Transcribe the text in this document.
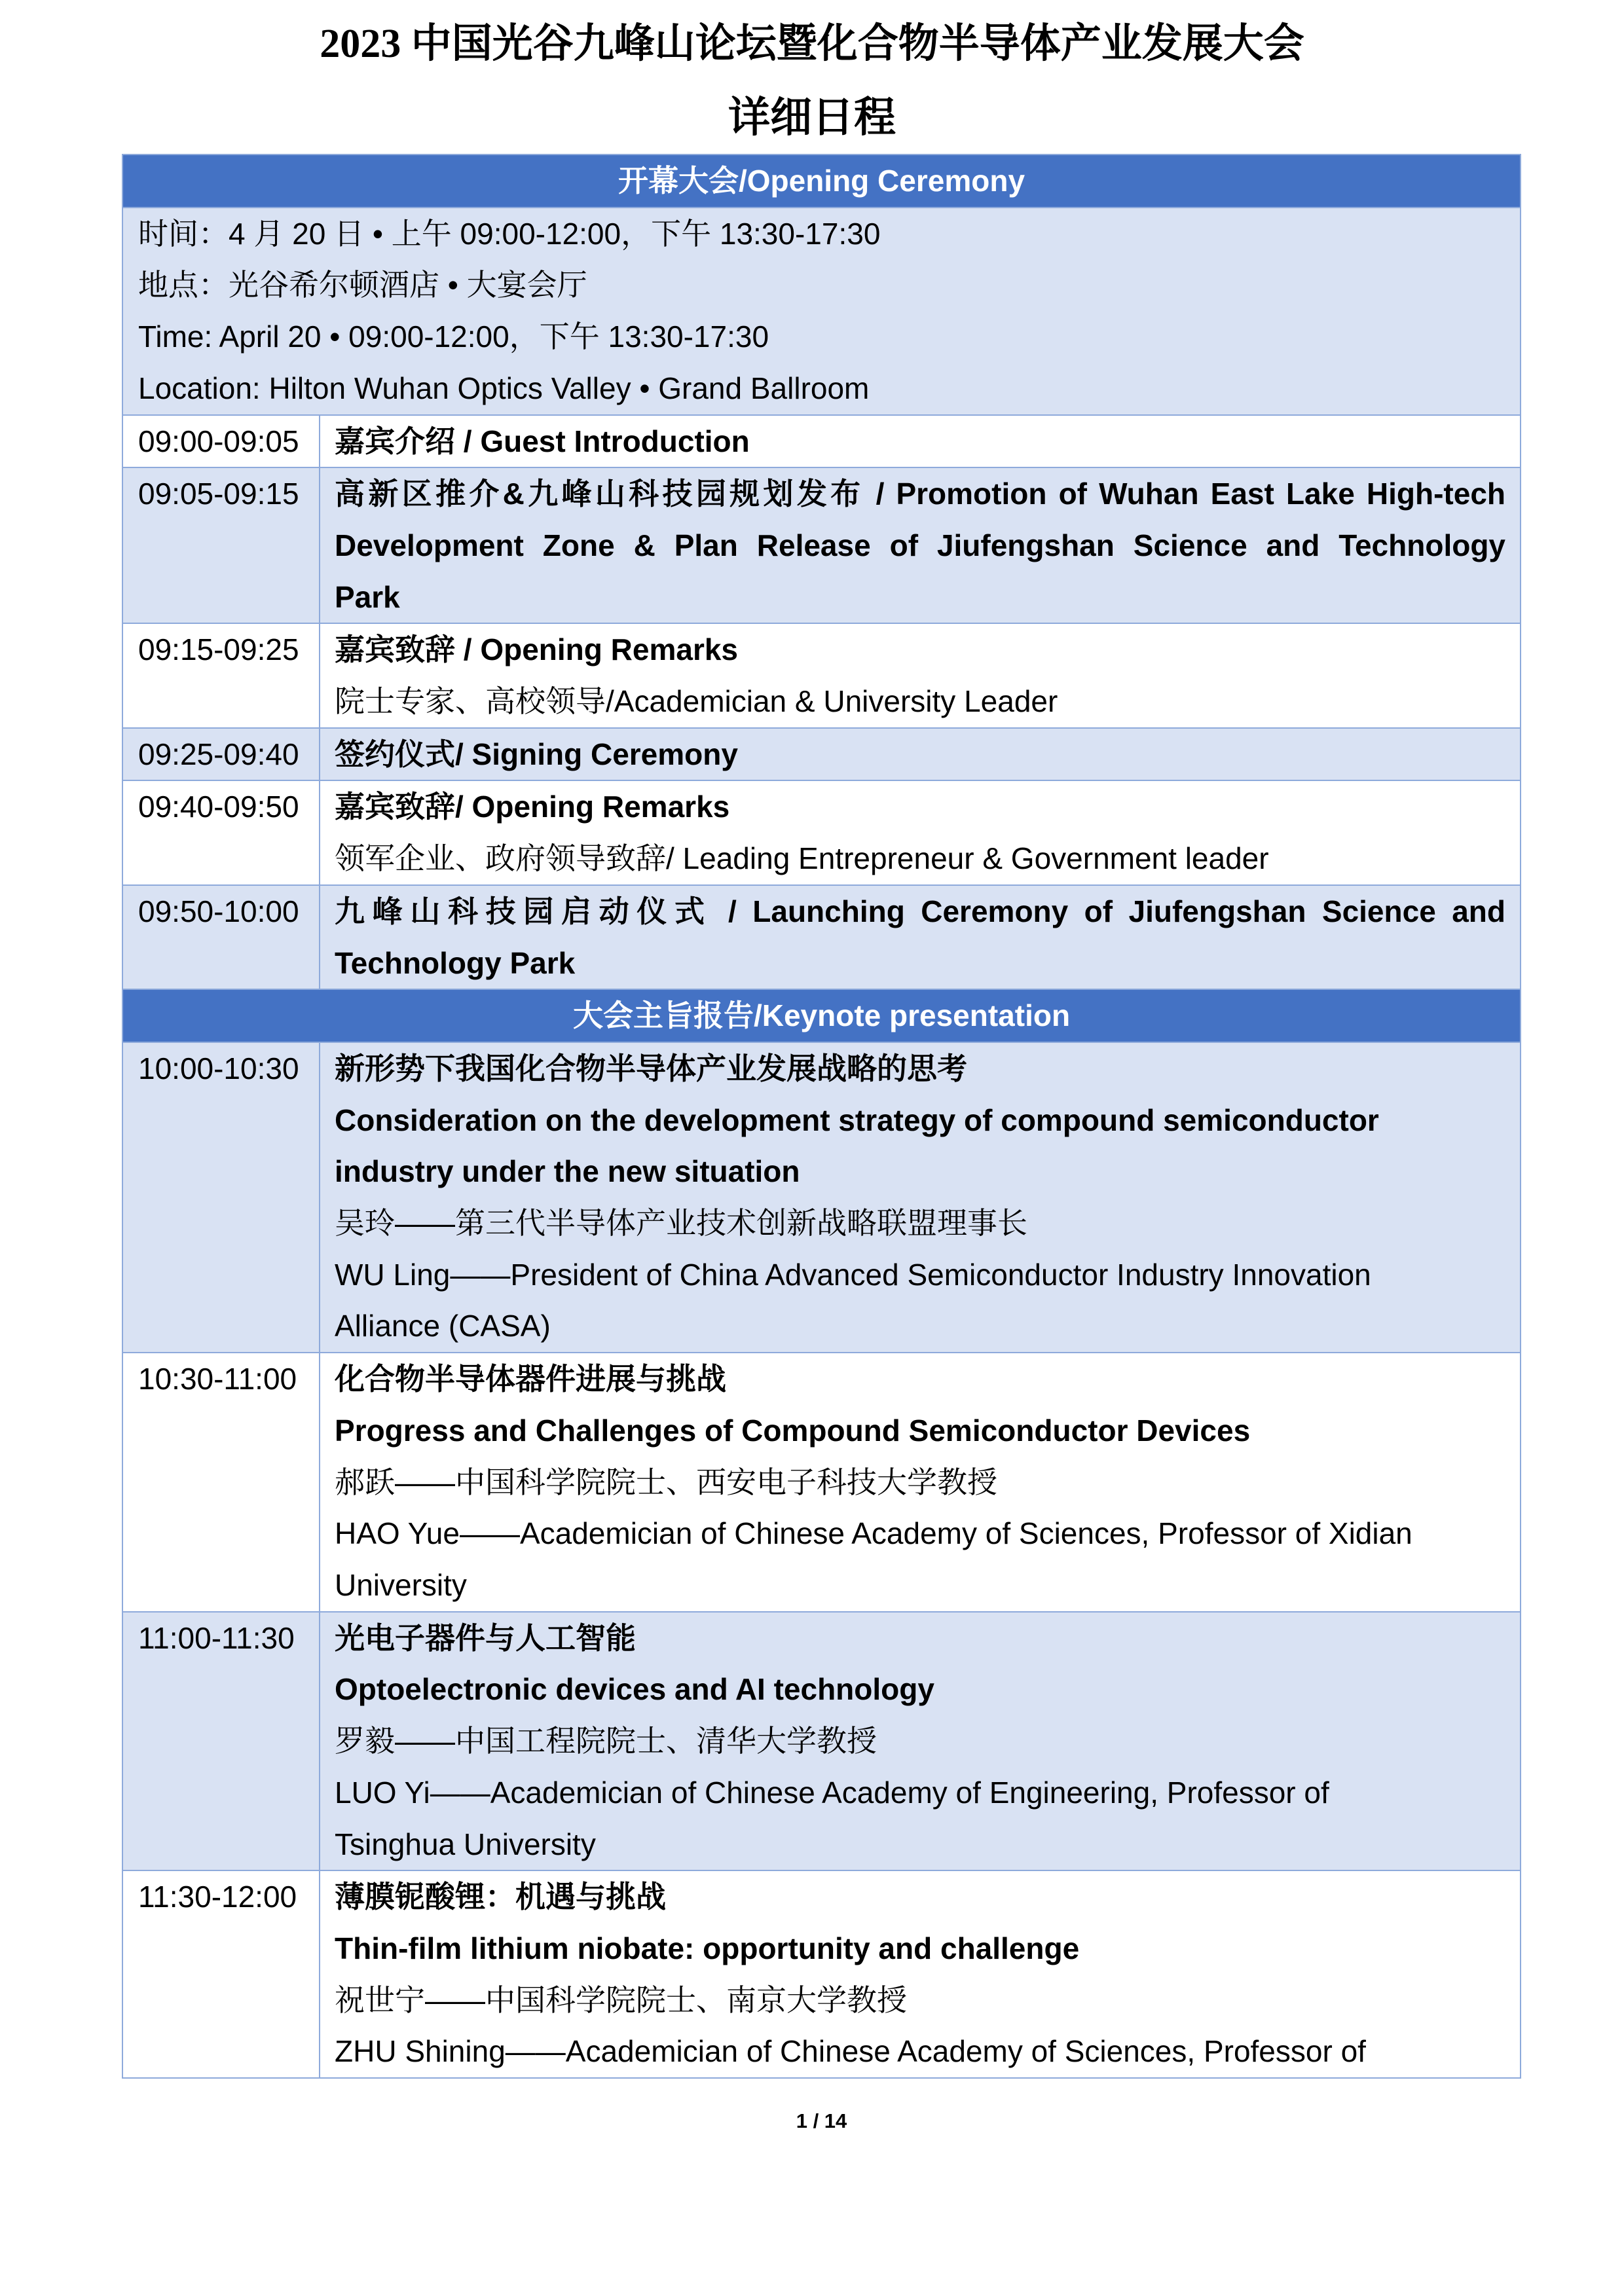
2023 中国光谷九峰山论坛暨化合物半导体产业发展大会
详细日程
开幕大会/Opening Ceremony
时间：4 月 20 日 • 上午 09:00-12:00，下午 13:30-17:30
地点：光谷希尔顿酒店 • 大宴会厅
Time: April 20 • 09:00-12:00，下午 13:30-17:30
Location: Hilton Wuhan Optics Valley • Grand Ballroom
09:00-09:05	嘉宾介绍 / Guest Introduction
09:05-09:15	高新区推介&九峰山科技园规划发布 / Promotion of Wuhan East Lake High-tech
Development Zone & Plan Release of Jiufengshan Science and Technology
Park
09:15-09:25	嘉宾致辞 / Opening Remarks
院士专家、高校领导/Academician & University Leader
09:25-09:40	签约仪式/ Signing Ceremony
09:40-09:50	嘉宾致辞/ Opening Remarks
领军企业、政府领导致辞/ Leading Entrepreneur & Government leader
09:50-10:00	九峰山科技园启动仪式 / Launching Ceremony of Jiufengshan Science and
Technology Park
大会主旨报告/Keynote presentation
10:00-10:30	新形势下我国化合物半导体产业发展战略的思考
Consideration on the development strategy of compound semiconductor
industry under the new situation
吴玲——第三代半导体产业技术创新战略联盟理事长
WU Ling——President of China Advanced Semiconductor Industry Innovation
Alliance (CASA)
10:30-11:00	化合物半导体器件进展与挑战
Progress and Challenges of Compound Semiconductor Devices
郝跃——中国科学院院士、西安电子科技大学教授
HAO Yue——Academician of Chinese Academy of Sciences, Professor of Xidian
University
11:00-11:30	光电子器件与人工智能
Optoelectronic devices and AI technology
罗毅——中国工程院院士、清华大学教授
LUO Yi——Academician of Chinese Academy of Engineering, Professor of
Tsinghua University
11:30-12:00	薄膜铌酸锂：机遇与挑战
Thin-film lithium niobate: opportunity and challenge
祝世宁——中国科学院院士、南京大学教授
ZHU Shining——Academician of Chinese Academy of Sciences, Professor of
1 / 14
